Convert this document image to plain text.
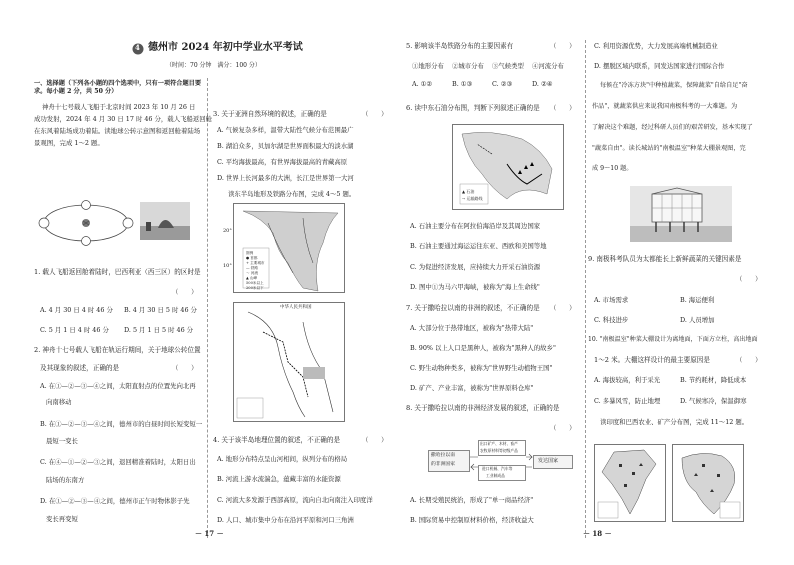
4 德州市 2024 年初中学业水平考试
（时间：70 分钟　满分：100 分）
一、选择题（下列各小题的四个选项中，只有一项符合题目要求。每小题 2 分，共 50 分）
神舟十七号载人飞船于北京时间 2023 年 10 月 26 日
成功发射，2024 年 4 月 30 日 17 时 46 分，载人飞船返回舱
在东风着陆场成功着陆。读地球公转示意图和返回舱着陆场
景观图，完成 1～2 题。
1. 载人飞船返回舱着陆时，巴西利亚（西三区）的区时是
（　　）
A. 4 月 30 日 4 时 46 分 B. 4 月 30 日 5 时 46 分
C. 5 月 1 日 4 时 46 分 D. 5 月 1 日 5 时 46 分
2. 神舟十七号载人飞船在轨运行期间，关于地球公转位置
及其现象的叙述，正确的是	（　　）
A. 在①—②—③—④之间，太阳直射点的位置先向北再
向南移动
B. 在①—②—③—④之间，德州市的白昼时间长短变短一
晨短一变长
C. 在④—①—②—③之间，退回精准着陆时，太阳日出
陆场的东南方
D. 在①—②—③—④之间，德州市正午时物体影子先
变长再变短
3. 关于亚洲自然环境的叙述，正确的是	（　　）
A. 气候复杂多样，温带大陆性气候分布范围最广
B. 湖泊众多，贝加尔湖是世界面积最大的淡水湖
C. 平均海拔最高，有世界海拔最高的青藏高原
D. 世界上长河最多的大洲，长江是世界第一大河
读东半岛地形及铁路分布图，完成 4～5 题。
20°
10°
图例
● 首都
+ 主要城市
— 铁路
～ 河流
▲ 山峰
500米以上
200米以下
中华人民共和国
4. 关于该半岛地理位置的叙述，不正确的是	（　　）
A. 地形分布特点呈山河相间，纵列分布的格局
B. 河流上游水流湍急，蕴藏丰富的水能资源
C. 河流大多发源于西部高原，流向自北向南注入印度洋
D. 人口、城市集中分布在沿河平原和河口三角洲
5. 影响该半岛铁路分布的主要因素有	（　　）
①地形分布 ②城市分布 ③气候类型 ④河流分布
A. ①②	B. ①③	C. ②③	D. ②④
6. 读中东石油分布图，判断下列叙述正确的是 （　　）
▲ 石油
⇢ 运输路线
A. 石油主要分布在阿拉伯海沿岸及其周边国家
B. 石油主要通过海运运往东亚、西欧和美国等地
C. 为促进经济发展，应持续大力开采石油资源
D. 图中①为马六甲海峡，被称为"海上生命线"
7. 关于撒哈拉以南的非洲的叙述，不正确的是 （　　）
A. 大部分位于热带地区，被称为"热带大陆"
B. 90% 以上人口是黑种人，被称为"黑种人的故乡"
C. 野生动物种类多，被称为"世界野生动植物王国"
D. 矿产、产业丰富，被称为"世界原料仓库"
8. 关于撒哈拉以南的非洲经济发展的叙述，正确的是
（　　）
撒哈拉以南
的非洲国家
发达国家
出口矿产、木材、畜产
农牧原材料等初级产品
进口机械、汽车等
工业制成品
A. 长期受殖民统治，形成了"单一商品经济"
B. 国际贸易中控制原材料价格，经济收益大
C. 利用资源优势，大力发展高端机械制造业
D. 摆脱区域内联系，同发达国家进行国际合作
每候在"冷冻方块"中种植蔬菜，保障蔬菜"自给自足"奋
作品"，就蔬菜供应来说我国南极科考的一大难题。为
了解决这个难题，经过科研人员们的艰苦研发，基本实现了
"蔬菜自由"。读长城站的"南极温室"种菜大棚景观图，完
成 9～10 题。
9. 南极科考队员为太都能长上新鲜蔬菜的关键因素是
（　　）
A. 市场需求	B. 海运便利
C. 科技进步	D. 人员增加
10. "南极温室"种菜大棚设计为离地面，下面方立柱，高出地面
1～2 米。大棚这样设计的最主要原因是	（　　）
A. 海拔较高，利于采光	B. 节约耗材，降低成本
C. 多暴风雪，防止地埋	D. 气候寒冷，保温御寒
读印度和巴西农业、矿产分布图，完成 11～12 题。
－ 17 －	－ 18 －
